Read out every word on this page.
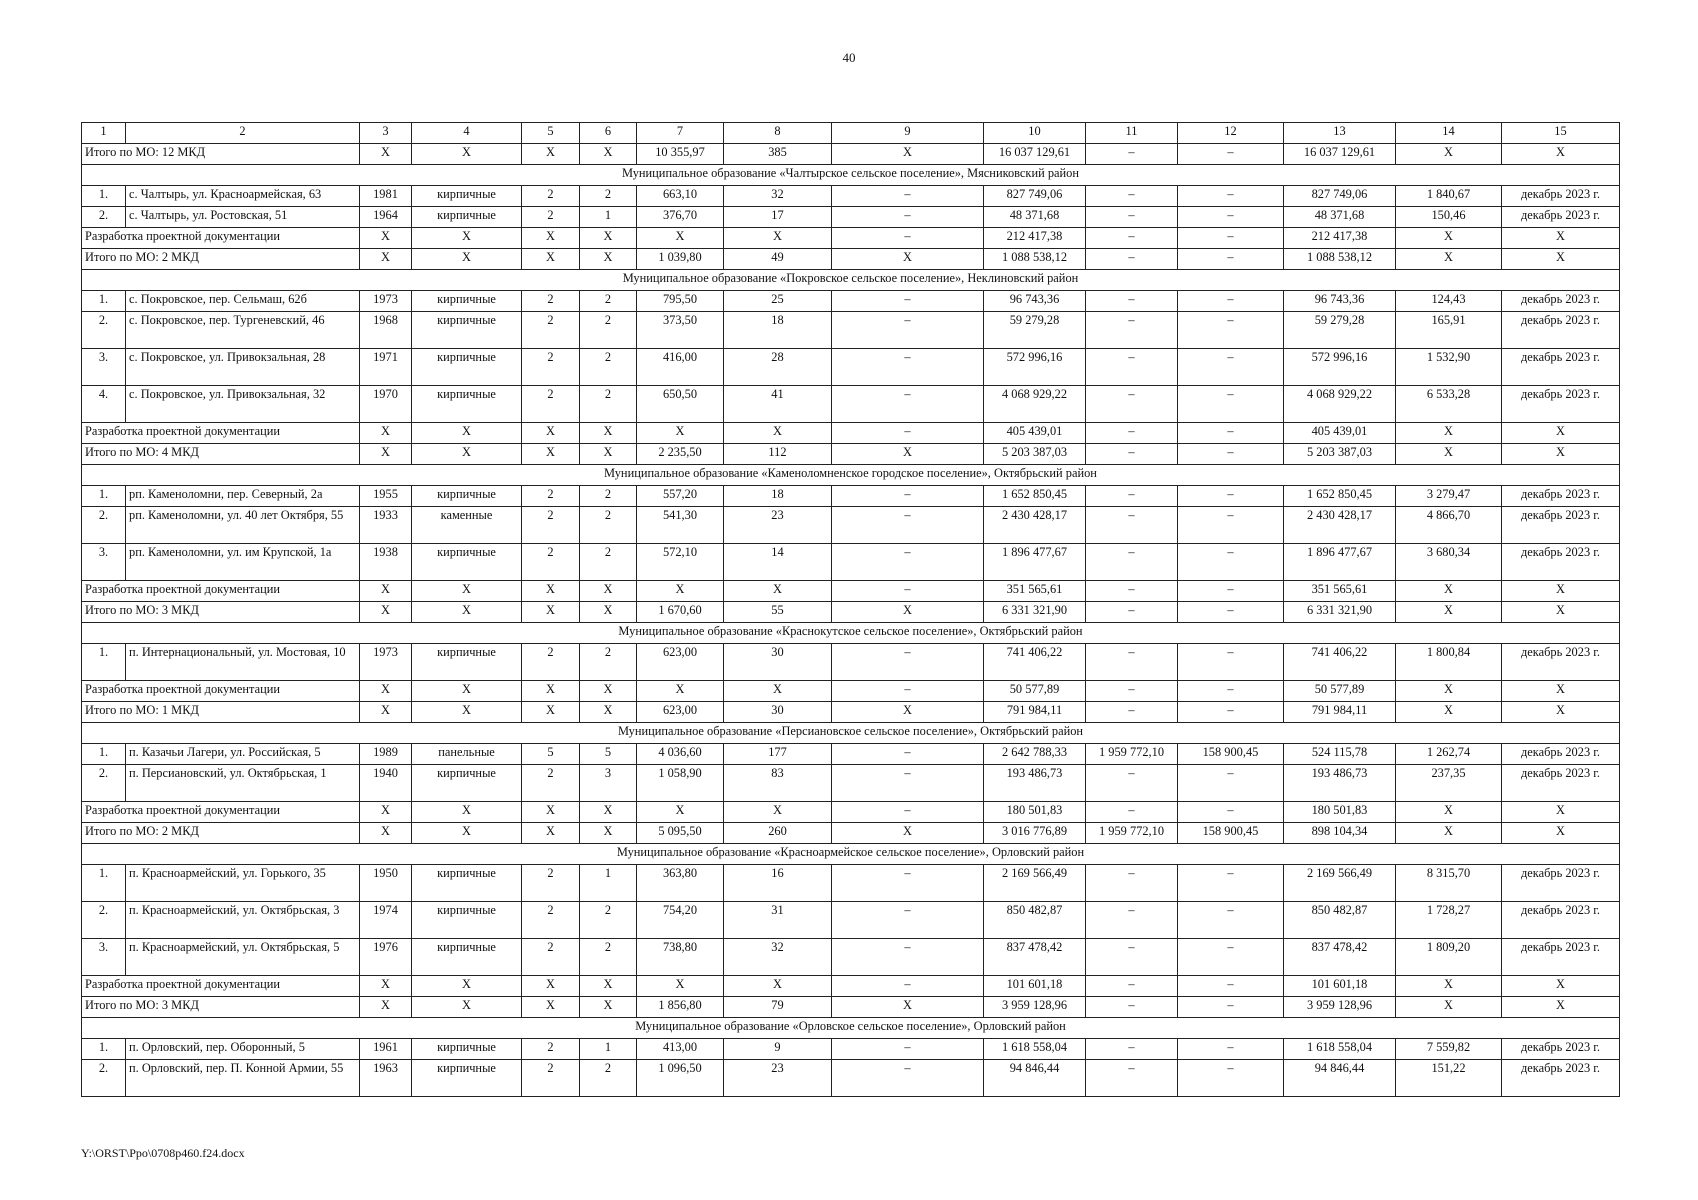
40
1	2	3	4	5	6	7	8	9	10	11	12	13	14	15
Итого по МО: 12 МКД		X	X	X	X	10 355,97	385	X	16 037 129,61	–	–	16 037 129,61	X	X
Муниципальное образование «Чалтырское сельское поселение», Мясниковский район														
1.	с. Чалтырь, ул. Красноармейская, 63	1981	кирпичные	2	2	663,10	32	–	827 749,06	–	–	827 749,06	1 840,67	декабрь 2023 г.
2.	с. Чалтырь, ул. Ростовская, 51	1964	кирпичные	2	1	376,70	17	–	48 371,68	–	–	48 371,68	150,46	декабрь 2023 г.
Разработка проектной документации		X	X	X	X	X	X	–	212 417,38	–	–	212 417,38	X	X
Итого по МО: 2 МКД		X	X	X	X	1 039,80	49	X	1 088 538,12	–	–	1 088 538,12	X	X
Муниципальное образование «Покровское сельское поселение», Неклиновский район														
1.	с. Покровское, пер. Сельмаш, 62б	1973	кирпичные	2	2	795,50	25	–	96 743,36	–	–	96 743,36	124,43	декабрь 2023 г.
2.	с. Покровское, пер. Тургеневский, 46	1968	кирпичные	2	2	373,50	18	–	59 279,28	–	–	59 279,28	165,91	декабрь 2023 г.
3.	с. Покровское, ул. Привокзальная, 28	1971	кирпичные	2	2	416,00	28	–	572 996,16	–	–	572 996,16	1 532,90	декабрь 2023 г.
4.	с. Покровское, ул. Привокзальная, 32	1970	кирпичные	2	2	650,50	41	–	4 068 929,22	–	–	4 068 929,22	6 533,28	декабрь 2023 г.
Разработка проектной документации		X	X	X	X	X	X	–	405 439,01	–	–	405 439,01	X	X
Итого по МО: 4 МКД		X	X	X	X	2 235,50	112	X	5 203 387,03	–	–	5 203 387,03	X	X
Муниципальное образование «Каменоломненское городское поселение», Октябрьский район														
1.	рп. Каменоломни, пер. Северный, 2а	1955	кирпичные	2	2	557,20	18	–	1 652 850,45	–	–	1 652 850,45	3 279,47	декабрь 2023 г.
2.	рп. Каменоломни, ул. 40 лет Октября, 55	1933	каменные	2	2	541,30	23	–	2 430 428,17	–	–	2 430 428,17	4 866,70	декабрь 2023 г.
3.	рп. Каменоломни, ул. им Крупской, 1а	1938	кирпичные	2	2	572,10	14	–	1 896 477,67	–	–	1 896 477,67	3 680,34	декабрь 2023 г.
Разработка проектной документации		X	X	X	X	X	X	–	351 565,61	–	–	351 565,61	X	X
Итого по МО: 3 МКД		X	X	X	X	1 670,60	55	X	6 331 321,90	–	–	6 331 321,90	X	X
Муниципальное образование «Краснокутское сельское поселение», Октябрьский район														
1.	п. Интернациональный, ул. Мостовая, 10	1973	кирпичные	2	2	623,00	30	–	741 406,22	–	–	741 406,22	1 800,84	декабрь 2023 г.
Разработка проектной документации		X	X	X	X	X	X	–	50 577,89	–	–	50 577,89	X	X
Итого по МО: 1 МКД		X	X	X	X	623,00	30	X	791 984,11	–	–	791 984,11	X	X
Муниципальное образование «Персиановское сельское поселение», Октябрьский район														
1.	п. Казачьи Лагери, ул. Российская, 5	1989	панельные	5	5	4 036,60	177	–	2 642 788,33	1 959 772,10	158 900,45	524 115,78	1 262,74	декабрь 2023 г.
2.	п. Персиановский, ул. Октябрьская, 1	1940	кирпичные	2	3	1 058,90	83	–	193 486,73	–	–	193 486,73	237,35	декабрь 2023 г.
Разработка проектной документации		X	X	X	X	X	X	–	180 501,83	–	–	180 501,83	X	X
Итого по МО: 2 МКД		X	X	X	X	5 095,50	260	X	3 016 776,89	1 959 772,10	158 900,45	898 104,34	X	X
Муниципальное образование «Красноармейское сельское поселение», Орловский район														
1.	п. Красноармейский, ул. Горького, 35	1950	кирпичные	2	1	363,80	16	–	2 169 566,49	–	–	2 169 566,49	8 315,70	декабрь 2023 г.
2.	п. Красноармейский, ул. Октябрьская, 3	1974	кирпичные	2	2	754,20	31	–	850 482,87	–	–	850 482,87	1 728,27	декабрь 2023 г.
3.	п. Красноармейский, ул. Октябрьская, 5	1976	кирпичные	2	2	738,80	32	–	837 478,42	–	–	837 478,42	1 809,20	декабрь 2023 г.
Разработка проектной документации		X	X	X	X	X	X	–	101 601,18	–	–	101 601,18	X	X
Итого по МО: 3 МКД		X	X	X	X	1 856,80	79	X	3 959 128,96	–	–	3 959 128,96	X	X
Муниципальное образование «Орловское сельское поселение», Орловский район														
1.	п. Орловский, пер. Оборонный, 5	1961	кирпичные	2	1	413,00	9	–	1 618 558,04	–	–	1 618 558,04	7 559,82	декабрь 2023 г.
2.	п. Орловский, пер. П. Конной Армии, 55	1963	кирпичные	2	2	1 096,50	23	–	94 846,44	–	–	94 846,44	151,22	декабрь 2023 г.
Y:\ORST\Ppo\0708p460.f24.docx
